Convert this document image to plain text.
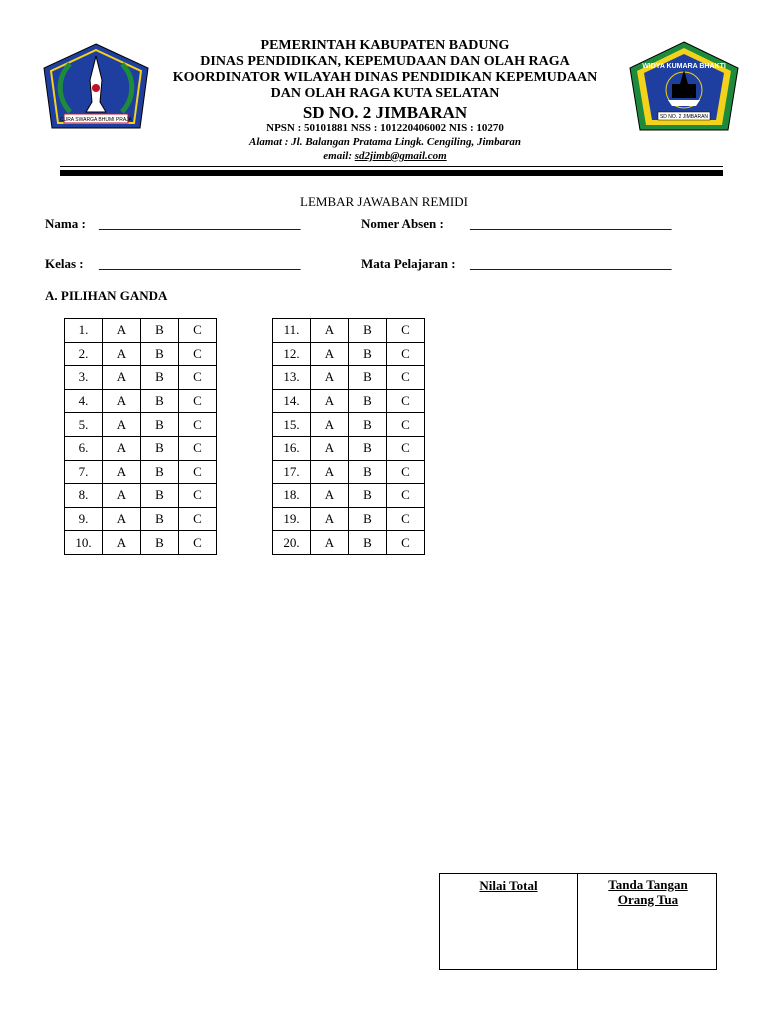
CURA SWARGA BHUMI PRAJA
WIDYA KUMARA BHAKTI
SD NO. 2 JIMBARAN
PEMERINTAH KABUPATEN BADUNG
DINAS PENDIDIKAN, KEPEMUDAAN DAN OLAH RAGA
KOORDINATOR WILAYAH DINAS PENDIDIKAN KEPEMUDAAN
DAN OLAH RAGA KUTA SELATAN
SD NO. 2 JIMBARAN
NPSN : 50101881 NSS : 101220406002 NIS : 10270
Alamat : Jl. Balangan Pratama Lingk. Cengiling, Jimbaran
email: sd2jimb@gmail.com
LEMBAR JAWABAN REMIDI
Nama : _______________________________	Nomer Absen : _______________________________
Kelas : _______________________________	Mata Pelajaran : _______________________________
A. PILIHAN GANDA
1.	A	B	C
2.	A	B	C
3.	A	B	C
4.	A	B	C
5.	A	B	C
6.	A	B	C
7.	A	B	C
8.	A	B	C
9.	A	B	C
10.	A	B	C
11.	A	B	C
12.	A	B	C
13.	A	B	C
14.	A	B	C
15.	A	B	C
16.	A	B	C
17.	A	B	C
18.	A	B	C
19.	A	B	C
20.	A	B	C
Nilai Total	Tanda Tangan
Orang Tua
